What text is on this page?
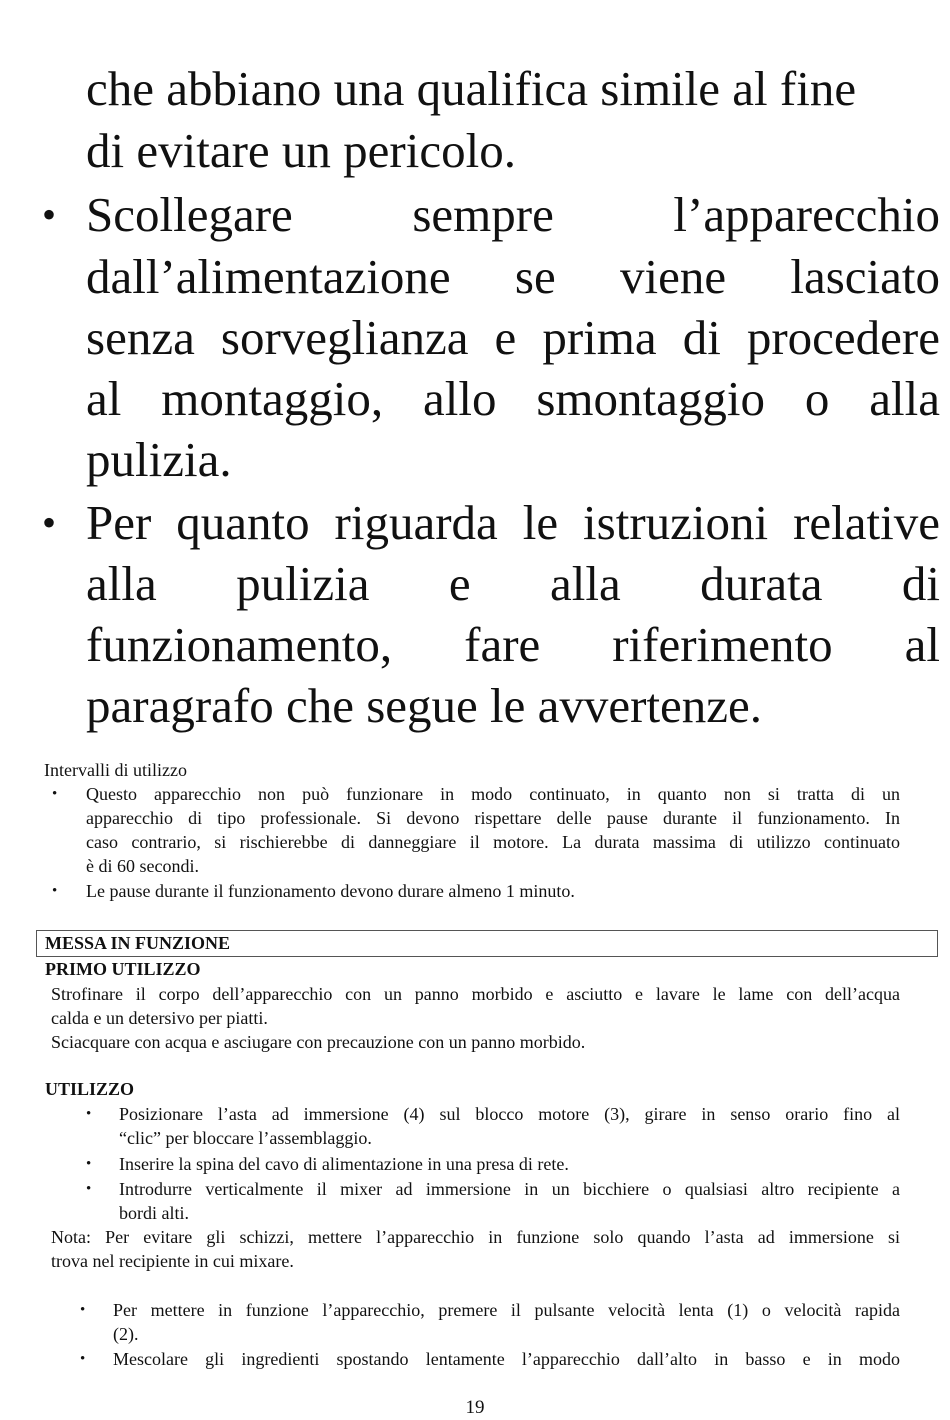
che abbiano una qualifica simile al fine
di evitare un pericolo.
• Scollegare sempre l’apparecchio
dall’alimentazione se viene lasciato
senza sorveglianza e prima di procedere
al montaggio, allo smontaggio o alla
pulizia.
• Per quanto riguarda le istruzioni relative
alla pulizia e alla durata di
funzionamento, fare riferimento al
paragrafo che segue le avvertenze.
Intervalli di utilizzo
• Questo apparecchio non può funzionare in modo continuato, in quanto non si tratta di un
apparecchio di tipo professionale. Si devono rispettare delle pause durante il funzionamento. In
caso contrario, si rischierebbe di danneggiare il motore. La durata massima di utilizzo continuato
è di 60 secondi.
• Le pause durante il funzionamento devono durare almeno 1 minuto.
MESSA IN FUNZIONE
PRIMO UTILIZZO
Strofinare il corpo dell’apparecchio con un panno morbido e asciutto e lavare le lame con dell’acqua
calda e un detersivo per piatti.
Sciacquare con acqua e asciugare con precauzione con un panno morbido.
UTILIZZO
• Posizionare l’asta ad immersione (4) sul blocco motore (3), girare in senso orario fino al
“clic” per bloccare l’assemblaggio.
• Inserire la spina del cavo di alimentazione in una presa di rete.
• Introdurre verticalmente il mixer ad immersione in un bicchiere o qualsiasi altro recipiente a
bordi alti.
Nota: Per evitare gli schizzi, mettere l’apparecchio in funzione solo quando l’asta ad immersione si
trova nel recipiente in cui mixare.
• Per mettere in funzione l’apparecchio, premere il pulsante velocità lenta (1) o velocità rapida
(2).
• Mescolare gli ingredienti spostando lentamente l’apparecchio dall’alto in basso e in modo
19
